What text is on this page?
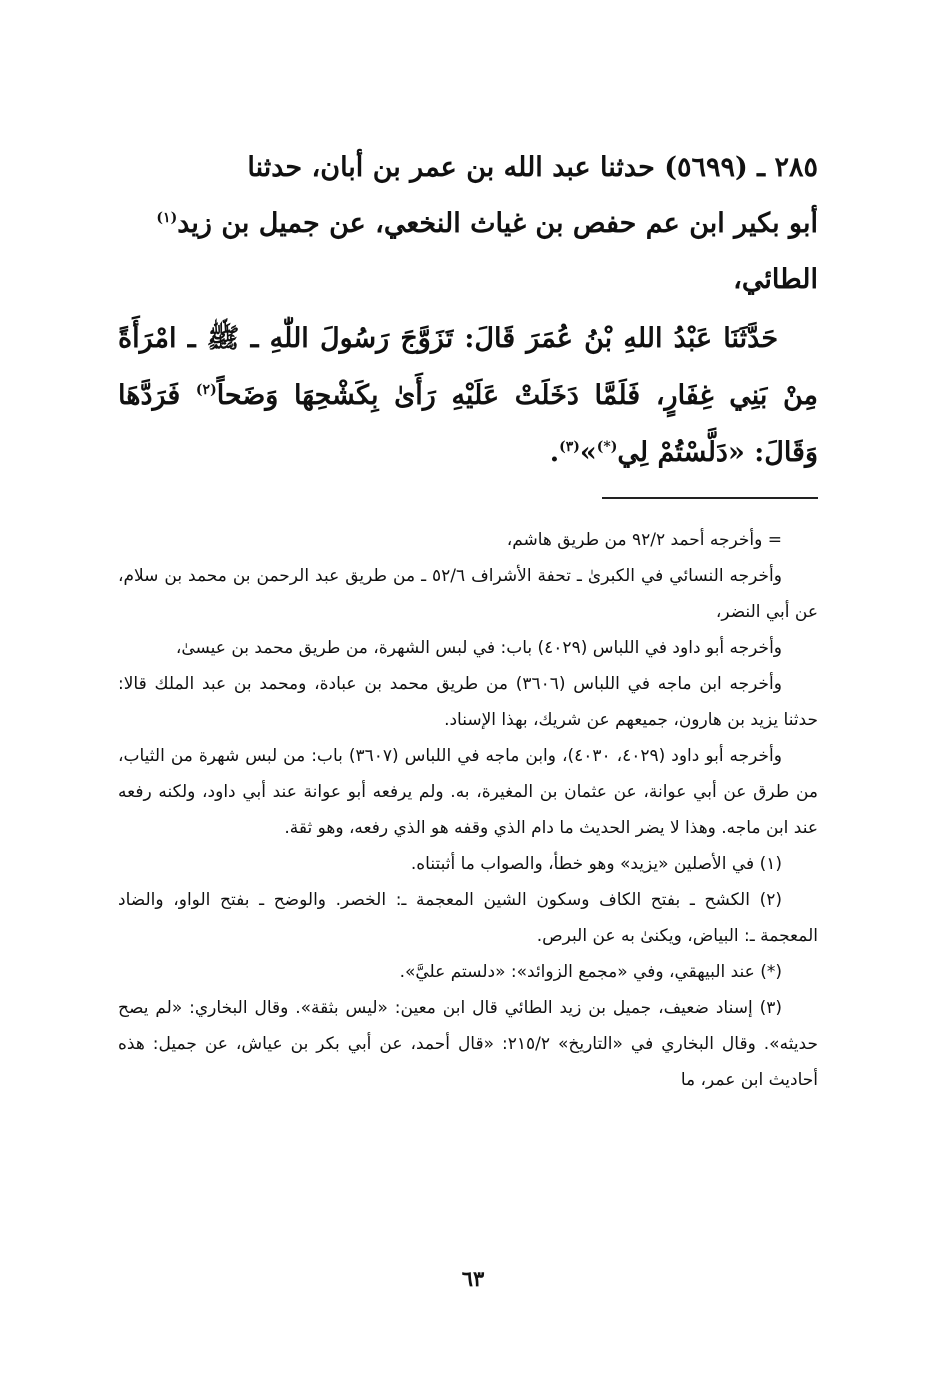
٢٨٥ ـ (٥٦٩٩) حدثنا عبد الله بن عمر بن أبان، حدثنا

أبو بكير ابن عم حفص بن غياث النخعي، عن جميل بن زيد$^{(١)}$

الطائي،

حَدَّثَنَا عَبْدُ اللهِ بْنُ عُمَرَ قَالَ: تَزَوَّجَ رَسُولَ اللّٰهِ ـ ﷺ ـ امْرَأَةً مِنْ بَنِي غِفَارٍ، فَلَمَّا دَخَلَتْ عَلَيْهِ رَأَىٰ بِكَشْحِهَا وَضَحاً$^{(٢)}$ فَرَدَّهَا وَقَالَ: «دَلَّسْتُمْ لِي(*)»$^{(٣)}$.

= وأخرجه أحمد ٩٢/٢ من طريق هاشم،

وأخرجه النسائي في الكبرىٰ ـ تحفة الأشراف ٥٢/٦ ـ من طريق عبد الرحمن بن محمد بن سلام، عن أبي النضر،

وأخرجه أبو داود في اللباس (٤٠٢٩) باب: في لبس الشهرة، من طريق محمد بن عيسىٰ،

وأخرجه ابن ماجه في اللباس (٣٦٠٦) من طريق محمد بن عبادة، ومحمد بن عبد الملك قالا: حدثنا يزيد بن هارون، جميعهم عن شريك، بهذا الإسناد.

وأخرجه أبو داود (٤٠٢٩، ٤٠٣٠)، وابن ماجه في اللباس (٣٦٠٧) باب: من لبس شهرة من الثياب، من طرق عن أبي عوانة، عن عثمان بن المغيرة، به. ولم يرفعه أبو عوانة عند أبي داود، ولكنه رفعه عند ابن ماجه. وهذا لا يضر الحديث ما دام الذي وقفه هو الذي رفعه، وهو ثقة.

(١) في الأصلين «يزيد» وهو خطأ، والصواب ما أثبتناه.

(٢) الكشح ـ بفتح الكاف وسكون الشين المعجمة ـ: الخصر. والوضح ـ بفتح الواو، والضاد المعجمة ـ: البياض، ويكنىٰ به عن البرص.

(*) عند البيهقي، وفي «مجمع الزوائد»: «دلستم عليَّ».

(٣) إسناد ضعيف، جميل بن زيد الطائي قال ابن معين: «ليس بثقة». وقال البخاري: «لم يصح حديثه». وقال البخاري في «التاريخ» ٢١٥/٢: «قال أحمد، عن أبي بكر بن عياش، عن جميل: هذه أحاديث ابن عمر، ما

٦٣
